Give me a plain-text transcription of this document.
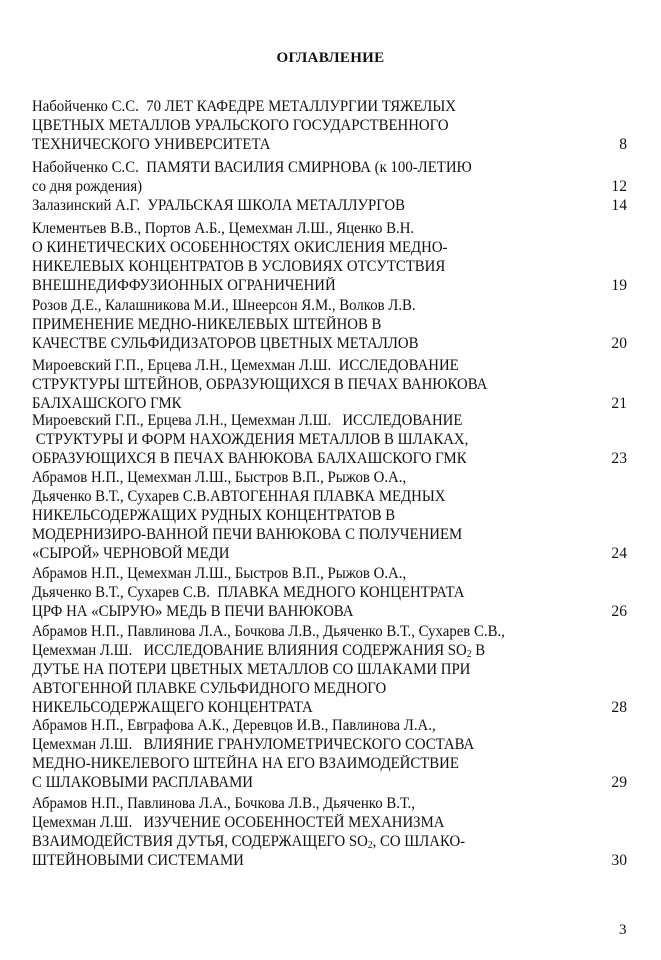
ОГЛАВЛЕНИЕ
Набойченко С.С.  70 ЛЕТ КАФЕДРЕ МЕТАЛЛУРГИИ ТЯЖЕЛЫХ
ЦВЕТНЫХ МЕТАЛЛОВ УРАЛЬСКОГО ГОСУДАРСТВЕННОГО
ТЕХНИЧЕСКОГО УНИВЕРСИТЕТА	8
Набойченко С.С.  ПАМЯТИ ВАСИЛИЯ СМИРНОВА (к 100-ЛЕТИЮ
со дня рождения)	12
Залазинский А.Г.  УРАЛЬСКАЯ ШКОЛА МЕТАЛЛУРГОВ	14
Клементьев В.В., Портов А.Б., Цемехман Л.Ш., Яценко В.Н.
О КИНЕТИЧЕСКИХ ОСОБЕННОСТЯХ ОКИСЛЕНИЯ МЕДНО-
НИКЕЛЕВЫХ КОНЦЕНТРАТОВ В УСЛОВИЯХ ОТСУТСТВИЯ
ВНЕШНЕДИФФУЗИОННЫХ ОГРАНИЧЕНИЙ	19
Розов Д.Е., Калашникова М.И., Шнеерсон Я.М., Волков Л.В.
ПРИМЕНЕНИЕ МЕДНО-НИКЕЛЕВЫХ ШТЕЙНОВ В
КАЧЕСТВЕ СУЛЬФИДИЗАТОРОВ ЦВЕТНЫХ МЕТАЛЛОВ	20
Мироевский Г.П., Ерцева Л.Н., Цемехман Л.Ш.  ИССЛЕДОВАНИЕ
СТРУКТУРЫ ШТЕЙНОВ, ОБРАЗУЮЩИХСЯ В ПЕЧАХ ВАНЮКОВА
БАЛХАШСКОГО ГМК	21
Мироевский Г.П., Ерцева Л.Н., Цемехман Л.Ш.   ИССЛЕДОВАНИЕ
СТРУКТУРЫ И ФОРМ НАХОЖДЕНИЯ МЕТАЛЛОВ В ШЛАКАХ,
ОБРАЗУЮЩИХСЯ В ПЕЧАХ ВАНЮКОВА БАЛХАШСКОГО ГМК	23
Абрамов Н.П., Цемехман Л.Ш., Быстров В.П., Рыжов О.А.,
Дьяченко В.Т., Сухарев С.В.АВТОГЕННАЯ ПЛАВКА МЕДНЫХ
НИКЕЛЬСОДЕРЖАЩИХ РУДНЫХ КОНЦЕНТРАТОВ В
МОДЕРНИЗИРО-ВАННОЙ ПЕЧИ ВАНЮКОВА С ПОЛУЧЕНИЕМ
«СЫРОЙ» ЧЕРНОВОЙ МЕДИ	24
Абрамов Н.П., Цемехман Л.Ш., Быстров В.П., Рыжов О.А.,
Дьяченко В.Т., Сухарев С.В.  ПЛАВКА МЕДНОГО КОНЦЕНТРАТА
ЦРФ НА «СЫРУЮ» МЕДЬ В ПЕЧИ ВАНЮКОВА	26
Абрамов Н.П., Павлинова Л.А., Бочкова Л.В., Дьяченко В.Т., Сухарев С.В.,
Цемехман Л.Ш.   ИССЛЕДОВАНИЕ ВЛИЯНИЯ СОДЕРЖАНИЯ $SO_2$ В
ДУТЬЕ НА ПОТЕРИ ЦВЕТНЫХ МЕТАЛЛОВ СО ШЛАКАМИ ПРИ
АВТОГЕННОЙ ПЛАВКЕ СУЛЬФИДНОГО МЕДНОГО
НИКЕЛЬСОДЕРЖАЩЕГО КОНЦЕНТРАТА	28
Абрамов Н.П., Евграфова А.К., Деревцов И.В., Павлинова Л.А.,
Цемехман Л.Ш.   ВЛИЯНИЕ ГРАНУЛОМЕТРИЧЕСКОГО СОСТАВА
МЕДНО-НИКЕЛЕВОГО ШТЕЙНА НА ЕГО ВЗАИМОДЕЙСТВИЕ
С ШЛАКОВЫМИ РАСПЛАВАМИ	29
Абрамов Н.П., Павлинова Л.А., Бочкова Л.В., Дьяченко В.Т.,
Цемехман Л.Ш.   ИЗУЧЕНИЕ ОСОБЕННОСТЕЙ МЕХАНИЗМА
ВЗАИМОДЕЙСТВИЯ ДУТЬЯ, СОДЕРЖАЩЕГО $SO_2$, СО ШЛАКО-
ШТЕЙНОВЫМИ СИСТЕМАМИ	30
3
